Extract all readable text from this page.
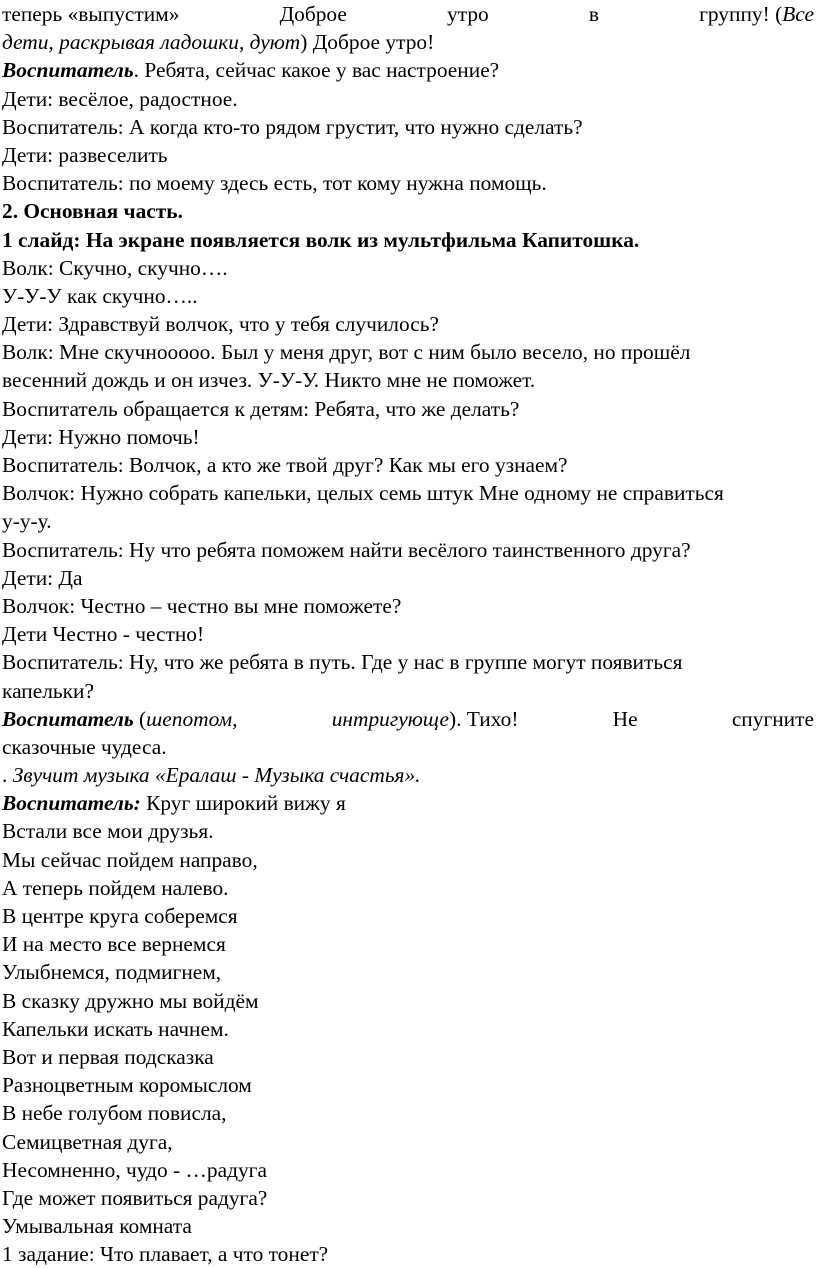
теперь «выпустим»	Доброе	утро	в	группу! (Все
дети, раскрывая ладошки, дуют) Доброе утро!
Воспитатель. Ребята, сейчас какое у вас настроение?
Дети: весёлое, радостное.
Воспитатель: А когда кто-то рядом грустит, что нужно сделать?
Дети: развеселить
Воспитатель: по моему здесь есть, тот кому нужна помощь.
2. Основная часть.
1 слайд: На экране появляется волк из мультфильма Капитошка.
Волк: Скучно, скучно….
У-У-У как скучно…..
Дети: Здравствуй волчок, что у тебя случилось?
Волк: Мне скучноoooo. Был у меня друг, вот с ним было весело, но прошёл
весенний дождь и он изчез. У-У-У. Никто мне не поможет.
Воспитатель обращается к детям: Ребята, что же делать?
Дети: Нужно помочь!
Воспитатель: Волчок, а кто же твой друг? Как мы его узнаем?
Волчок: Нужно собрать капельки, целых семь штук Мне одному не справиться
у-у-у.
Воспитатель: Ну что ребята поможем найти весёлого таинственного друга?
Дети: Да
Волчок: Честно – честно вы мне поможете?
Дети Честно - честно!
Воспитатель: Ну, что же ребята в путь. Где у нас в группе могут появиться
капельки?
Воспитатель (шепотом,	интригующе). Тихо!	Не	спугните
сказочные чудеса.
. Звучит музыка «Ералаш - Музыка счастья».
Воспитатель: Круг широкий вижу я
Встали все мои друзья.
Мы сейчас пойдем направо,
А теперь пойдем налево.
В центре круга соберемся
И на место все вернемся
Улыбнемся, подмигнем,
В сказку дружно мы войдём
Капельки искать начнем.
Вот и первая подсказка
Разноцветным коромыслом
В небе голубом повисла,
Семицветная дуга,
Несомненно, чудо - …радуга
Где может появиться радуга?
Умывальная комната
1 задание: Что плавает, а что тонет?
